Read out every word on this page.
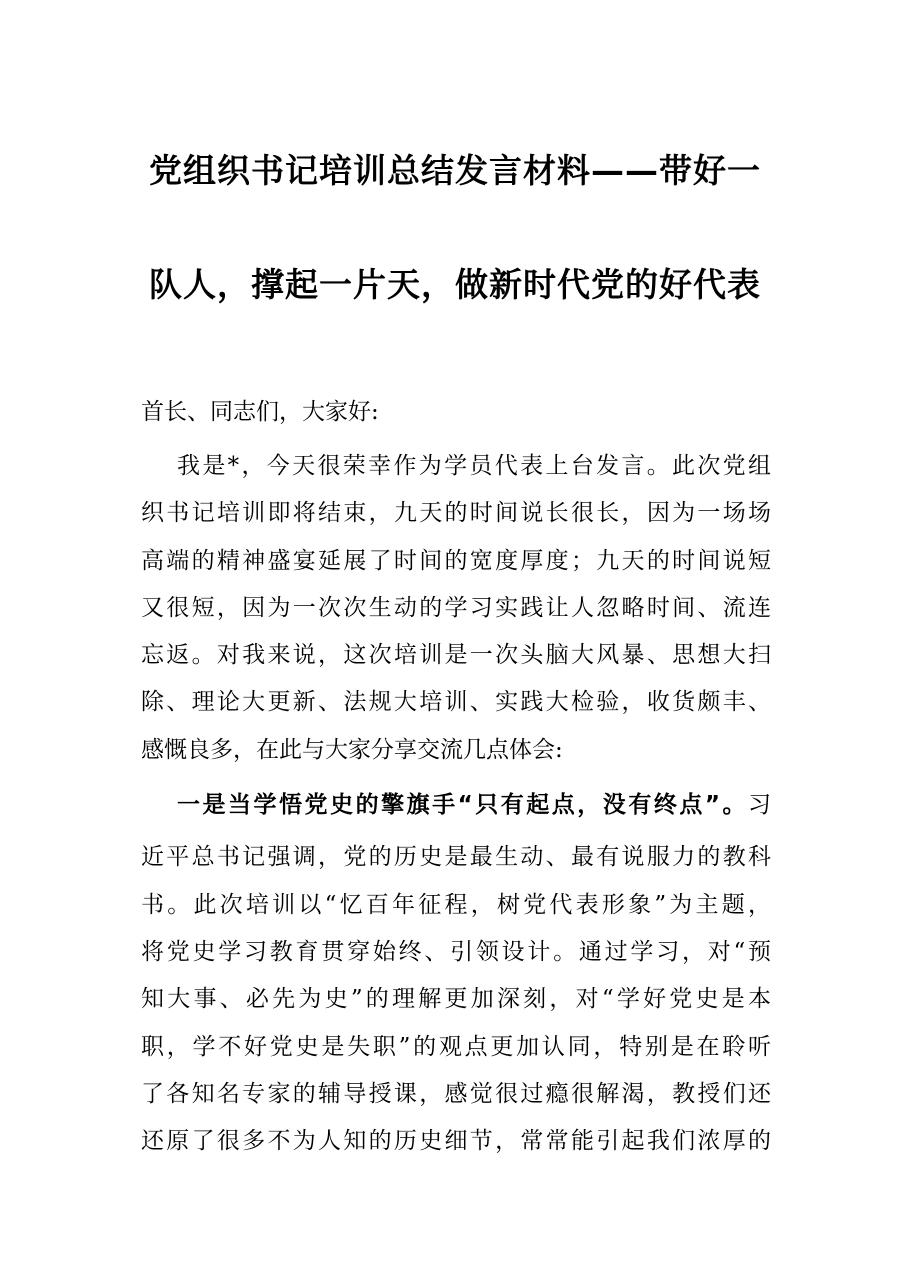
党组织书记培训总结发言材料——带好一
队人，撑起一片天，做新时代党的好代表
首长、同志们，大家好:
我是*，今天很荣幸作为学员代表上台发言。此次党组
织书记培训即将结束，九天的时间说长很长，因为一场场
高端的精神盛宴延展了时间的宽度厚度；九天的时间说短
又很短，因为一次次生动的学习实践让人忽略时间、流连
忘返。对我来说，这次培训是一次头脑大风暴、思想大扫
除、理论大更新、法规大培训、实践大检验，收货颇丰、
感慨良多，在此与大家分享交流几点体会:
一是当学悟党史的擎旗手“只有起点，没有终点”。习
近平总书记强调，党的历史是最生动、最有说服力的教科
书。此次培训以“忆百年征程，树党代表形象”为主题，
将党史学习教育贯穿始终、引领设计。通过学习，对“预
知大事、必先为史”的理解更加深刻，对“学好党史是本
职，学不好党史是失职”的观点更加认同，特别是在聆听
了各知名专家的辅导授课，感觉很过瘾很解渴，教授们还
还原了很多不为人知的历史细节，常常能引起我们浓厚的
